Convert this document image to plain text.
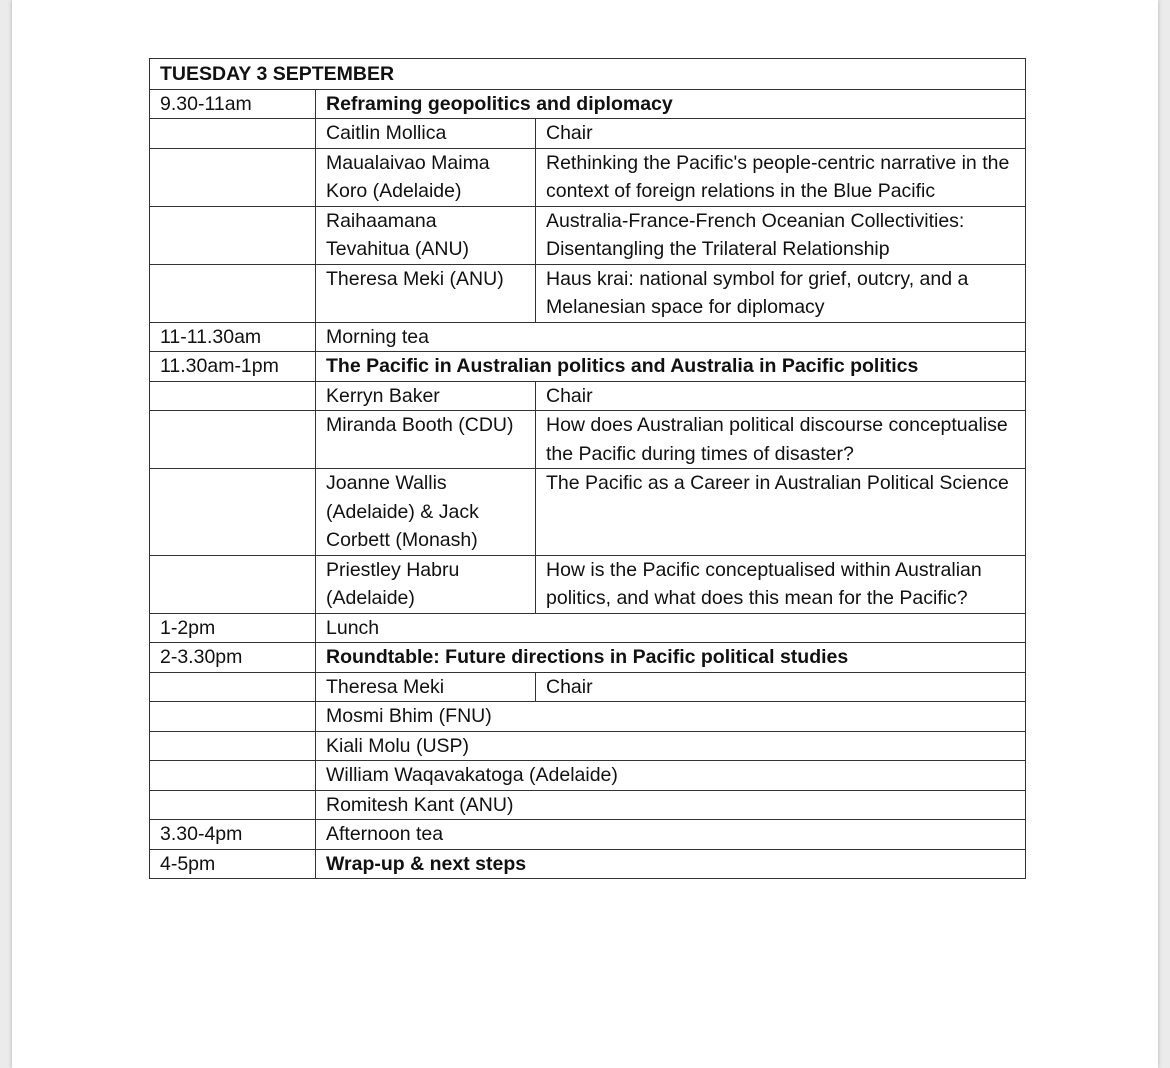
TUESDAY 3 SEPTEMBER		
9.30-11am	Reframing geopolitics and diplomacy	
	Caitlin Mollica	Chair
	Maualaivao Maima Koro (Adelaide)	Rethinking the Pacific's people-centric narrative in the context of foreign relations in the Blue Pacific
	Raihaamana Tevahitua (ANU)	Australia-France-French Oceanian Collectivities: Disentangling the Trilateral Relationship
	Theresa Meki (ANU)	Haus krai: national symbol for grief, outcry, and a Melanesian space for diplomacy
11-11.30am	Morning tea	
11.30am-1pm	The Pacific in Australian politics and Australia in Pacific politics	
	Kerryn Baker	Chair
	Miranda Booth (CDU)	How does Australian political discourse conceptualise the Pacific during times of disaster?
	Joanne Wallis (Adelaide) & Jack Corbett (Monash)	The Pacific as a Career in Australian Political Science
	Priestley Habru (Adelaide)	How is the Pacific conceptualised within Australian politics, and what does this mean for the Pacific?
1-2pm	Lunch	
2-3.30pm	Roundtable: Future directions in Pacific political studies	
	Theresa Meki	Chair
	Mosmi Bhim (FNU)	
	Kiali Molu (USP)	
	William Waqavakatoga (Adelaide)	
	Romitesh Kant (ANU)	
3.30-4pm	Afternoon tea	
4-5pm	Wrap-up & next steps	
